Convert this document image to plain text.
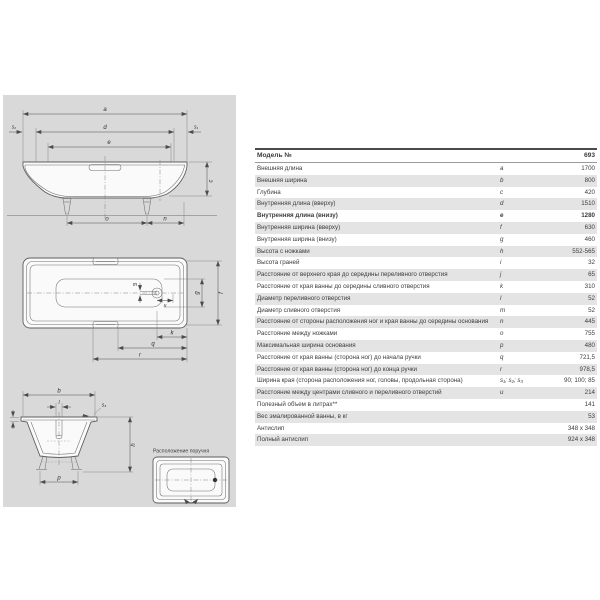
a
s₂	d	s₁
e
c
o	n
m
u
g	f
k
q
r
b
l	s₃
h
p
Расположение поручня
Модель №	693
Внешняя длина	a	1700
Внешняя ширина	b	800
Глубина	c	420
Внутренняя длина (вверху)	d	1510
Внутренняя длина (внизу)	e	1280
Внутренняя ширина (вверху)	f	630
Внутренняя ширина (внизу)	g	460
Высота с ножками	h	552-565
Высота граней	i	32
Расстояние от верхнего края до середины переливного отверстия	j	65
Расстояние от края ванны до середины сливного отверстия	k	310
Диаметр переливного отверстия	l	52
Диаметр сливного отверстия	m	52
Расстояние от стороны расположения ног и края ванны до середины основания	n	445
Расстояние между ножками	o	755
Максимальная ширина основания	p	480
Расстояние от края ванны (сторона ног) до начала ручки	q	721,5
Расстояние от края ванны (сторона ног) до конца ручки	r	978,5
Ширина края (сторона расположения ног, головы, продольная сторона)	s₁; s₂; s₃	90; 100; 85
Расстояние между центрами сливного и переливного отверстий	u	214
Полезный объем в литрах**	141
Вес эмалированной ванны, в кг	53
Антислип	348 x 348
Полный антислип	924 x 348
